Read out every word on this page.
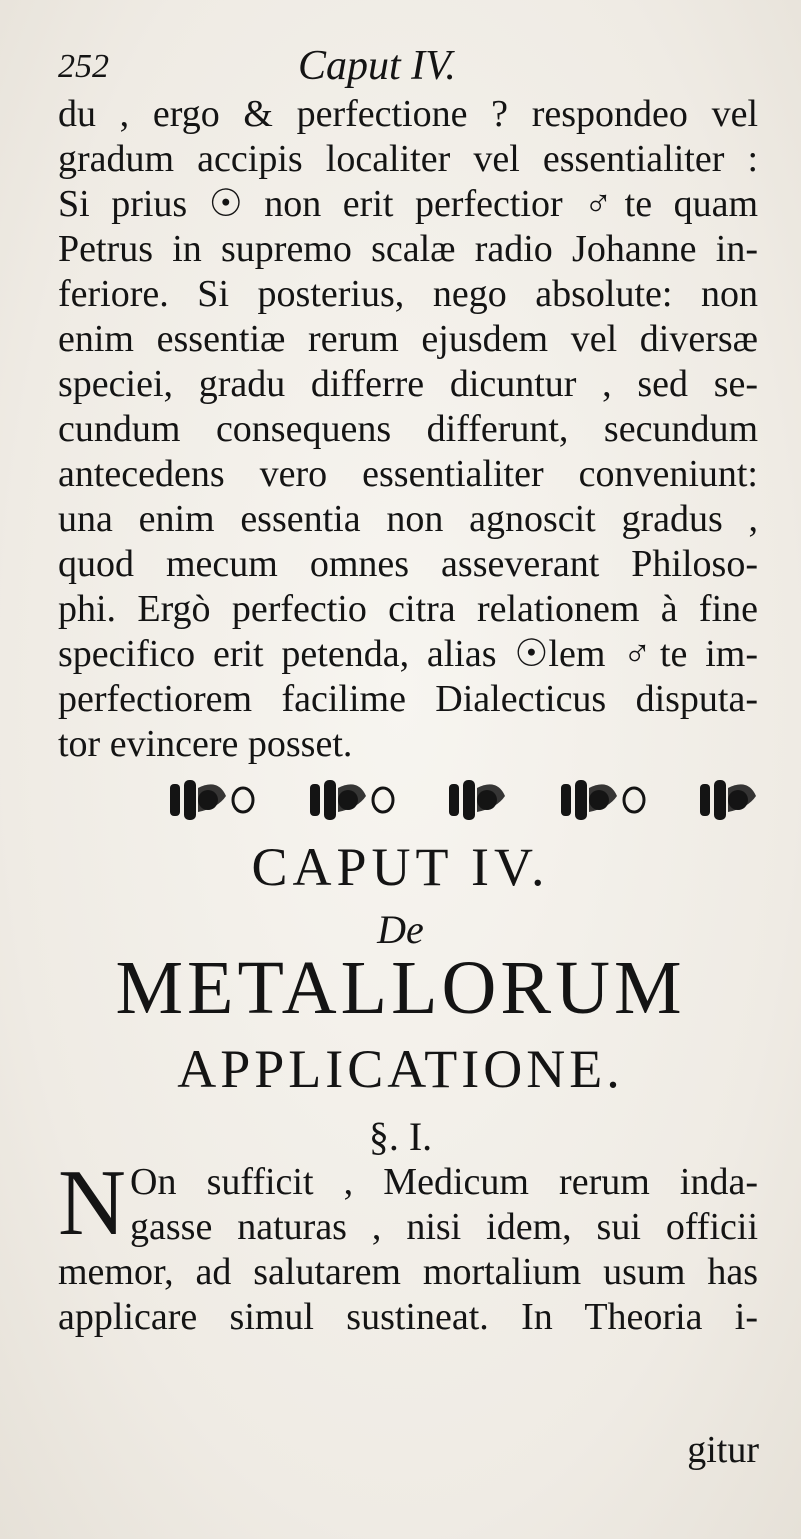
252	Caput IV.
du , ergo & perfectione ? respondeo vel
gradum accipis localiter vel essentialiter :
Si prius ☉ non erit perfectior ♂te quam
Petrus in supremo scalæ radio Johanne in-
feriore. Si posterius, nego absolute: non
enim essentiæ rerum ejusdem vel diversæ
speciei, gradu differre dicuntur , sed se-
cundum consequens differunt, secundum
antecedens vero essentialiter conveniunt:
una enim essentia non agnoscit gradus ,
quod mecum omnes asseverant Philoso-
phi. Ergò perfectio citra relationem à fine
specifico erit petenda, alias ☉lem ♂te im-
perfectiorem facilime Dialecticus disputa-
tor evincere posset.
CAPUT IV.
De
METALLORUM
APPLICATIONE.
§. I.
N On sufficit , Medicum rerum inda-
gasse naturas , nisi idem, sui officii
memor, ad salutarem mortalium usum has
applicare simul sustineat. In Theoria i-
gitur
